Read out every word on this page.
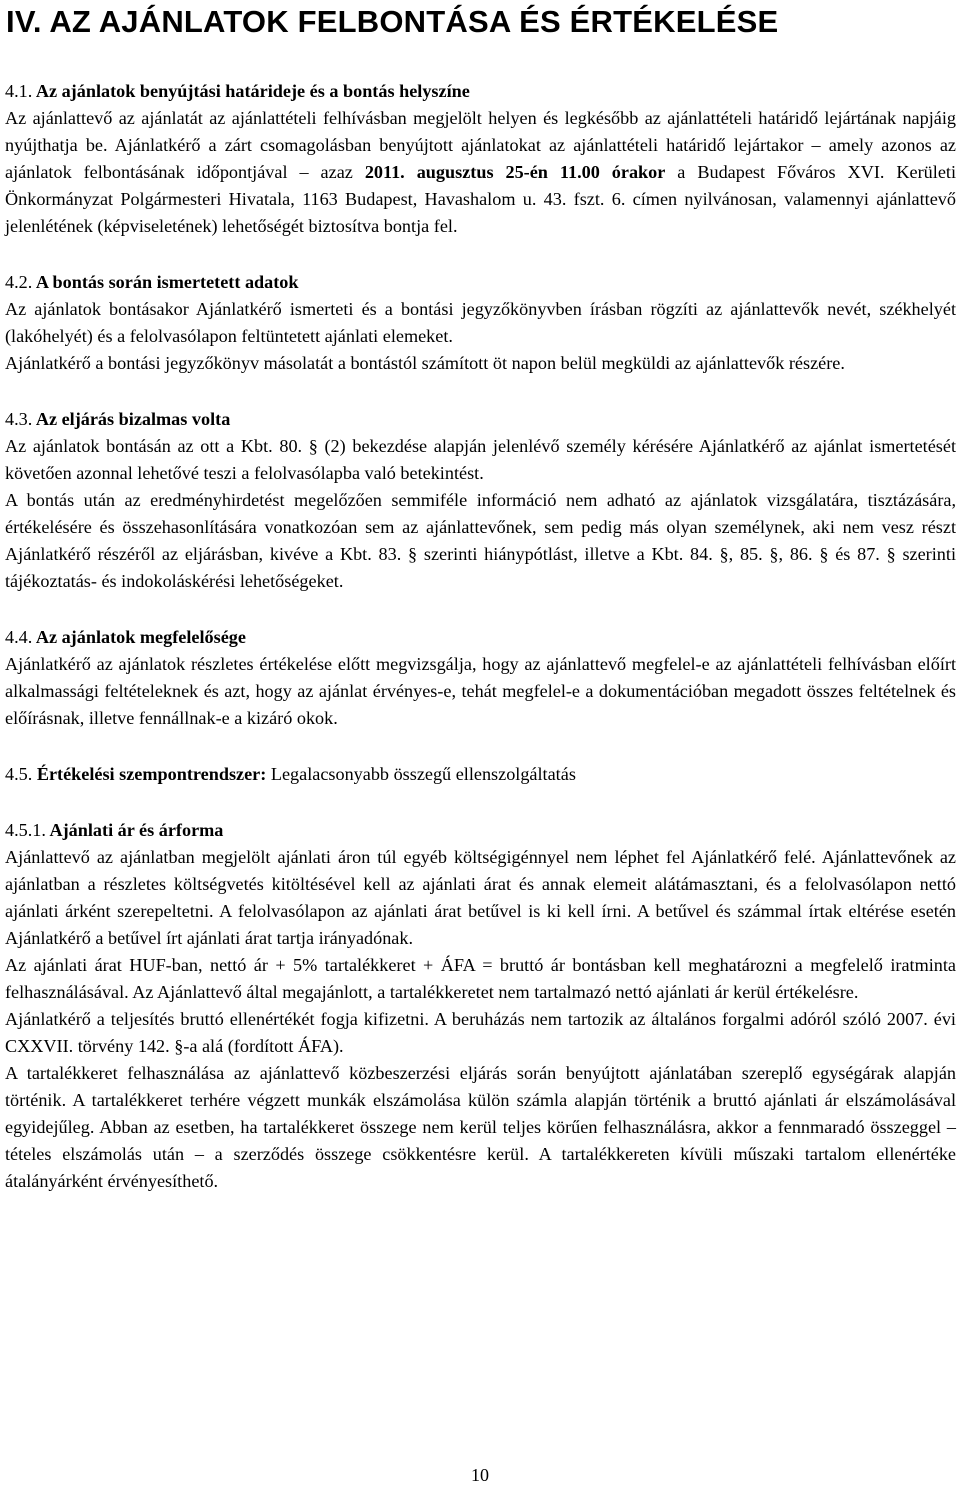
IV. AZ AJÁNLATOK FELBONTÁSA ÉS ÉRTÉKELÉSE

4.1. Az ajánlatok benyújtási határideje és a bontás helyszíne

Az ajánlattevő az ajánlatát az ajánlattételi felhívásban megjelölt helyen és legkésőbb az ajánlattételi határidő lejártának napjáig nyújthatja be. Ajánlatkérő a zárt csomagolásban benyújtott ajánlatokat az ajánlattételi határidő lejártakor – amely azonos az ajánlatok felbontásának időpontjával – azaz 2011. augusztus 25-én 11.00 órakor a Budapest Főváros XVI. Kerületi Önkormányzat Polgármesteri Hivatala, 1163 Budapest, Havashalom u. 43. fszt. 6. címen nyilvánosan, valamennyi ajánlattevő jelenlétének (képviseletének) lehetőségét biztosítva bontja fel.

4.2. A bontás során ismertetett adatok

Az ajánlatok bontásakor Ajánlatkérő ismerteti és a bontási jegyzőkönyvben írásban rögzíti az ajánlattevők nevét, székhelyét (lakóhelyét) és a felolvasólapon feltüntetett ajánlati elemeket.

Ajánlatkérő a bontási jegyzőkönyv másolatát a bontástól számított öt napon belül megküldi az ajánlattevők részére.

4.3. Az eljárás bizalmas volta

Az ajánlatok bontásán az ott a Kbt. 80. § (2) bekezdése alapján jelenlévő személy kérésére Ajánlatkérő az ajánlat ismertetését követően azonnal lehetővé teszi a felolvasólapba való betekintést.

A bontás után az eredményhirdetést megelőzően semmiféle információ nem adható az ajánlatok vizsgálatára, tisztázására, értékelésére és összehasonlítására vonatkozóan sem az ajánlattevőnek, sem pedig más olyan személynek, aki nem vesz részt Ajánlatkérő részéről az eljárásban, kivéve a Kbt. 83. § szerinti hiánypótlást, illetve a Kbt. 84. §, 85. §, 86. § és 87. § szerinti tájékoztatás- és indokoláskérési lehetőségeket.

4.4. Az ajánlatok megfelelősége

Ajánlatkérő az ajánlatok részletes értékelése előtt megvizsgálja, hogy az ajánlattevő megfelel-e az ajánlattételi felhívásban előírt alkalmassági feltételeknek és azt, hogy az ajánlat érvényes-e, tehát megfelel-e a dokumentációban megadott összes feltételnek és előírásnak, illetve fennállnak-e a kizáró okok.

4.5. Értékelési szempontrendszer: Legalacsonyabb összegű ellenszolgáltatás

4.5.1. Ajánlati ár és árforma

Ajánlattevő az ajánlatban megjelölt ajánlati áron túl egyéb költségigénnyel nem léphet fel Ajánlatkérő felé. Ajánlattevőnek az ajánlatban a részletes költségvetés kitöltésével kell az ajánlati árat és annak elemeit alátámasztani, és a felolvasólapon nettó ajánlati árként szerepeltetni. A felolvasólapon az ajánlati árat betűvel is ki kell írni. A betűvel és számmal írtak eltérése esetén Ajánlatkérő a betűvel írt ajánlati árat tartja irányadónak.

Az ajánlati árat HUF-ban, nettó ár + 5% tartalékkeret + ÁFA = bruttó ár bontásban kell meghatározni a megfelelő iratminta felhasználásával. Az Ajánlattevő által megajánlott, a tartalékkeretet nem tartalmazó nettó ajánlati ár kerül értékelésre.

Ajánlatkérő a teljesítés bruttó ellenértékét fogja kifizetni. A beruházás nem tartozik az általános forgalmi adóról szóló 2007. évi CXXVII. törvény 142. §-a alá (fordított ÁFA).

A tartalékkeret felhasználása az ajánlattevő közbeszerzési eljárás során benyújtott ajánlatában szereplő egységárak alapján történik. A tartalékkeret terhére végzett munkák elszámolása külön számla alapján történik a bruttó ajánlati ár elszámolásával egyidejűleg. Abban az esetben, ha tartalékkeret összege nem kerül teljes körűen felhasználásra, akkor a fennmaradó összeggel – tételes elszámolás után – a szerződés összege csökkentésre kerül. A tartalékkereten kívüli műszaki tartalom ellenértéke átalányárként érvényesíthető.

10
